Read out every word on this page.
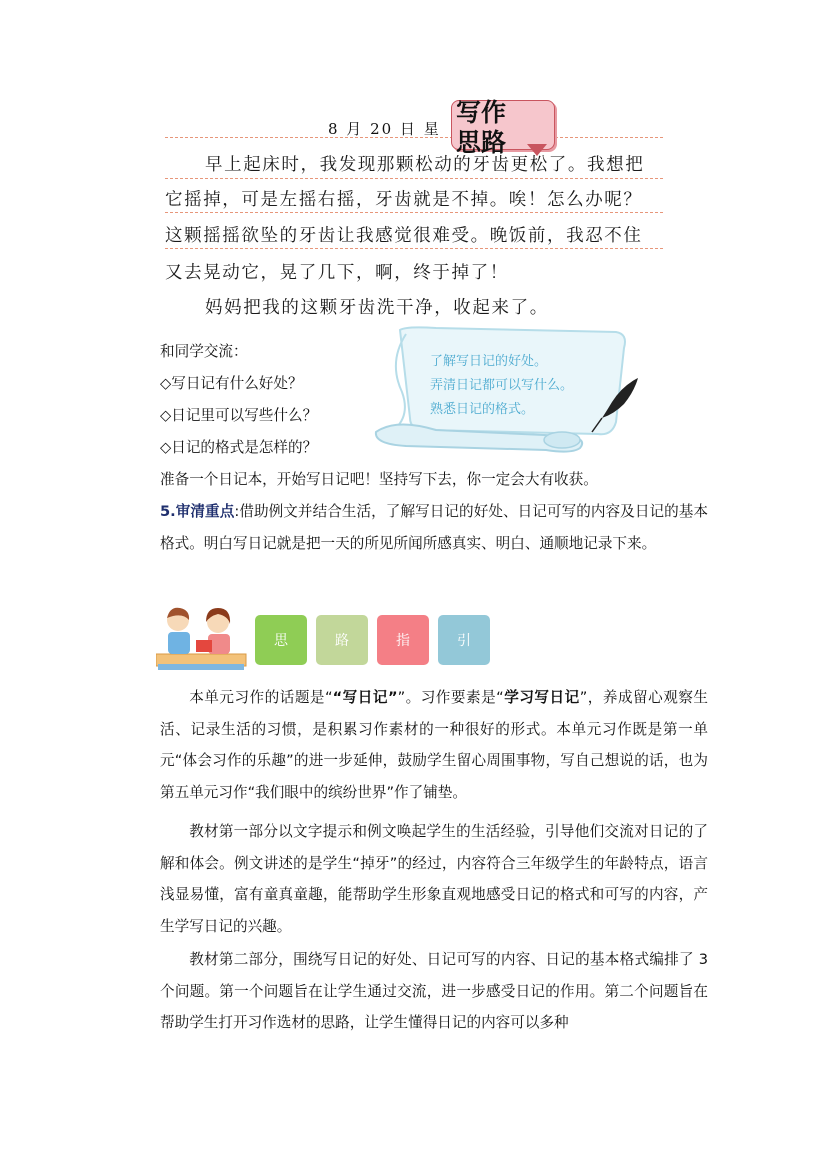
8 月 20 日 星
早上起床时，我发现那颗松动的牙齿更松了。我想把
它摇掉，可是左摇右摇，牙齿就是不掉。唉！怎么办呢？
这颗摇摇欲坠的牙齿让我感觉很难受。晚饭前，我忍不住
又去晃动它，晃了几下，啊，终于掉了！
妈妈把我的这颗牙齿洗干净，收起来了。
写作
思路
和同学交流：
◇写日记有什么好处？
◇日记里可以写些什么？
◇日记的格式是怎样的？
准备一个日记本，开始写日记吧！坚持写下去，你一定会大有收获。
了解写日记的好处。
弄清日记都可以写什么。
熟悉日记的格式。
5.审清重点:借助例文并结合生活，了解写日记的好处、日记可写的内容及日记的基本格式。明白写日记就是把一天的所见所闻所感真实、明白、通顺地记录下来。
思	路	指	引
本单元习作的话题是““写日记””。习作要素是“学习写日记”，养成留心观察生活、记录生活的习惯，是积累习作素材的一种很好的形式。本单元习作既是第一单元“体会习作的乐趣”的进一步延伸，鼓励学生留心周围事物，写自己想说的话，也为第五单元习作“我们眼中的缤纷世界”作了铺垫。
教材第一部分以文字提示和例文唤起学生的生活经验，引导他们交流对日记的了解和体会。例文讲述的是学生“掉牙”的经过，内容符合三年级学生的年龄特点，语言浅显易懂，富有童真童趣，能帮助学生形象直观地感受日记的格式和可写的内容，产生学写日记的兴趣。
教材第二部分，围绕写日记的好处、日记可写的内容、日记的基本格式编排了 3 个问题。第一个问题旨在让学生通过交流，进一步感受日记的作用。第二个问题旨在帮助学生打开习作选材的思路，让学生懂得日记的内容可以多种
